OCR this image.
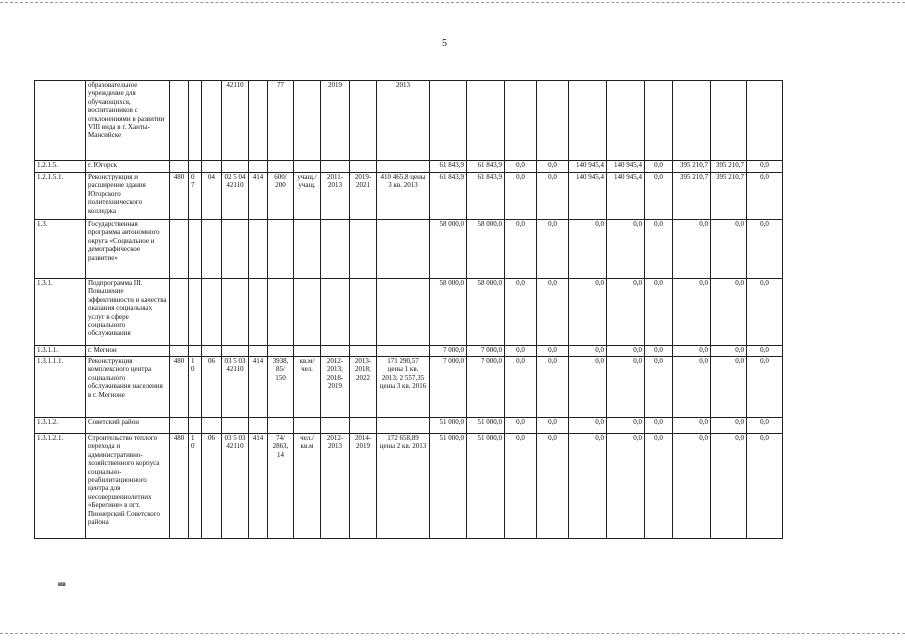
5
	образовательное учреждение для обучающихся, воспитанников с отклонениями в развитии VIII вида в г. Ханты-Мансийске				42110		77		2019		2013										
1.2.1.5.	г. Югорск											61 843,9	61 843,9	0,0	0,0	140 945,4	140 945,4	0,0	395 210,7	395 210,7	0,0
1.2.1.5.1.	Реконструкция и расширение здания Югорского политехнического колледжа	480	0 7	04	02 5 04 42110	414	600/ 200	учащ./ учащ.	2011-2013	2019-2021	410 465,8 цены 3 кв. 2013	61 843,9	61 843,9	0,0	0,0	140 945,4	140 945,4	0,0	395 210,7	395 210,7	0,0
1.3.	Государственная программа автономного округа «Социальное и демографическое развитие»											58 000,0	58 000,0	0,0	0,0	0,0	0,0	0,0	0,0	0,0	0,0
1.3.1.	Подпрограмма III. Повышение эффективности и качества оказания социальных услуг в сфере социального обслуживания											58 000,0	58 000,0	0,0	0,0	0,0	0,0	0,0	0,0	0,0	0,0
1.3.1.1.	г. Мегион											7 000,0	7 000,0	0,0	0,0	0,0	0,0	0,0	0,0	0,0	0,0
1.3.1.1.1.	Реконструкция комплексного центра социального обслуживания населения в г. Мегионе	480	1 0	06	03 5 03 42110	414	3938, 85/ 150	кв.м/ чел.	2012-2013; 2018-2019	2013-2018; 2022	171 290,57 цены 1 кв. 2013; 2 557,35 цены 3 кв. 2016	7 000,0	7 000,0	0,0	0,0	0,0	0,0	0,0	0,0	0,0	0,0
1.3.1.2.	Советский район											51 000,0	51 000,0	0,0	0,0	0,0	0,0	0,0	0,0	0,0	0,0
1.3.1.2.1.	Строительство теплого перехода и административно-хозяйственного корпуса социально-реабилитационного центра для несовершеннолетних «Берегиня» в пгт. Пионерский Советского района	480	1 0	06	03 5 03 42110	414	74/ 2863, 14	чел./ кв.м	2012-2013	2014-2019	172 658,89 цены 2 кв. 2013	51 000,0	51 000,0	0,0	0,0	0,0	0,0	0,0	0,0	0,0	0,0
ив
